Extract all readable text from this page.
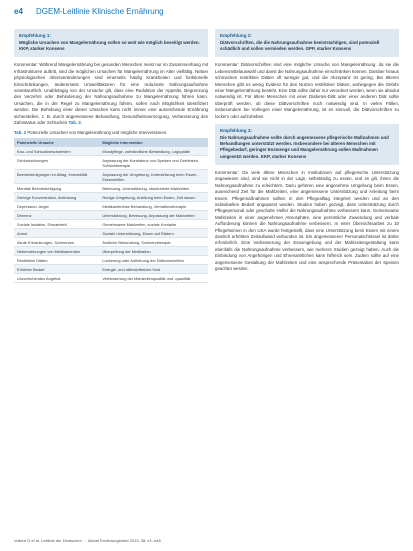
e4 DGEM-Leitlinie Klinische Ernährung
Empfehlung 1:
Mögliche Ursachen von Mangelernährung sollen so weit wie möglich beseitigt werden. KKP, starker Konsens

Kommentar: Während Mangelernährung bei gesunden Menschen meist nur im Zusammenhang mit Infrastrukturen auftritt, sind die möglichen Ursachen für Mangelernährung im Alter vielfältig. Neben physiologischen Altersveränderungen sind einerseits häufig Krankheiten und funktionelle Einschränkungen, andererseits Umweltfaktoren für eine reduzierte Nahrungsaufnahme verantwortlich. Unabhängig von der Ursache gilt, dass eine Reduktion der Appetits, Begrenzung des Verzehrs oder Behinderung der Nahrungsaufnahme zu Mangelernährung führen kann. Ursachen, die in der Regel zu Mangelernährung führen, sollen nach Möglichkeit identifiziert werden. Die Behebung einer dieser Ursachen kann nicht immer eine ausreichende Ernährung sicherstellen, z. B. durch angemessene Behandlung, Gesundheitsversorgung, Verbesserung des Zahnstatus oder Schlucken Tab. 2.

Tab. 2 Potenzielle Ursachen von Mangelernährung und mögliche Interventionen.
Potenzielle Ursache	Mögliche Intervention
Kau- und Schluckbeschwerden	Mundpflege, zahnärztliche Behandlung, Logopädie
Schluckstörungen	Anpassung der Konsistenz von Speisen und Getränken, Schlucktherapie
Beeinträchtigungen im Alltag, Immobilität	Anpassung der Umgebung, Unterstützung beim Essen, Essenshilfen
Mentale Beeinträchtigung	Betreuung, Unterstützung, strukturierte Mahlzeiten
Geringe Konzentration, Ablenkung	Ruhige Umgebung, Anleitung beim Essen, Zeit lassen
Depression, Angst	Medikamentöse Behandlung, Verhaltenstherapie
Demenz	Unterstützung, Betreuung, Anpassung der Mahlzeiten
Soziale Isolation, Einsamkeit	Gemeinsame Mahlzeiten, soziale Kontakte
Armut	Soziale Unterstützung, Essen auf Rädern
Akute Erkrankungen, Schmerzen	Ärztliche Behandlung, Schmerztherapie
Nebenwirkungen von Medikamenten	Überprüfung der Medikation
Restriktive Diäten	Lockerung oder Aufhebung der Diätvorschriften
Erhöhter Bedarf	Energie- und nährstoffreiche Kost
Unzureichendes Angebot	Verbesserung der Mahlzeitenqualität und -quantität
Empfehlung 2:
Diätvorschriften, die die Nahrungsaufnahme beeinträchtigen, sind potenziell schädlich und sollen vermieden werden. GPP, starker Konsens

Kommentar: Diätvorschriften sind eine mögliche Ursache von Mangelernährung, da sie die Lebensmittelauswahl und damit die Nahrungsaufnahme einschränken können. Darüber hinaus schmecken restriktive Diäten oft weniger gut, und die Akzeptanz ist gering. Bei älteren Menschen gibt es wenig Evidenz für den Nutzen restriktiver Diäten, wohingegen die Gefahr einer Mangelernährung besteht. Eine Diät sollte daher nur verordnet werden, wenn sie absolut notwendig ist. Für ältere Menschen mit einer Diabetes-Diät oder einer anderen Diät sollte überprüft werden, ob diese Diätvorschriften noch notwendig sind. In vielen Fällen, insbesondere bei Vorliegen einer Mangelernährung, ist es sinnvoll, die Diätvorschriften zu lockern oder aufzuheben.

Empfehlung 3:
Die Nahrungsaufnahme sollte durch angemessene pflegerische Maßnahmen und Behandlungen unterstützt werden. Insbesondere bei älteren Menschen mit Pflegebedarf, geringer Essmenge und Mangelernährung sollen Maßnahmen umgesetzt werden. KKP, starker Konsens

Kommentar: Da viele ältere Menschen in Institutionen auf pflegerische Unterstützung angewiesen sind, sind sie nicht in der Lage, selbständig zu essen, und es gilt, ihnen die Nahrungsaufnahme zu erleichtern. Dazu gehören eine angenehme Umgebung beim Essen, ausreichend Zeit für die Mahlzeiten, eine angemessene Unterstützung und Anleitung beim Essen. Pflegemaßnahmen sollten in den Pflegealltag integriert werden und an den individuellen Bedarf angepasst werden. Studien haben gezeigt, dass Unterstützung durch Pflegepersonal oder geschulte Helfer die Nahrungsaufnahme verbessern kann. Gemeinsame Mahlzeiten in einer angenehmen Atmosphäre, eine persönliche Zuwendung und verbale Aufforderung können die Nahrungsaufnahme verbessern. In einer Übersichtsarbeit zu 10 Pflegeheimen in den USA wurde festgestellt, dass eine Unterstützung beim Essen mit einem deutlich erhöhten Zeitaufwand verbunden ist. Ein angemessener Personalschlüssel ist daher erforderlich. Eine Verbesserung der Essumgebung und der Mahlzeitengestaltung kann ebenfalls die Nahrungsaufnahme verbessern, wie mehrere Studien gezeigt haben. Auch die Einbindung von Angehörigen und Ehrenamtlichen kann hilfreich sein. Zudem sollte auf eine angemessene Gestaltung der Mahlzeiten und eine ansprechende Präsentation der Speisen geachtet werden.

Volkert D et al. Leitlinie der Deutschen … Aktuel Ernährungsmed 2013; 38: e1–e48
